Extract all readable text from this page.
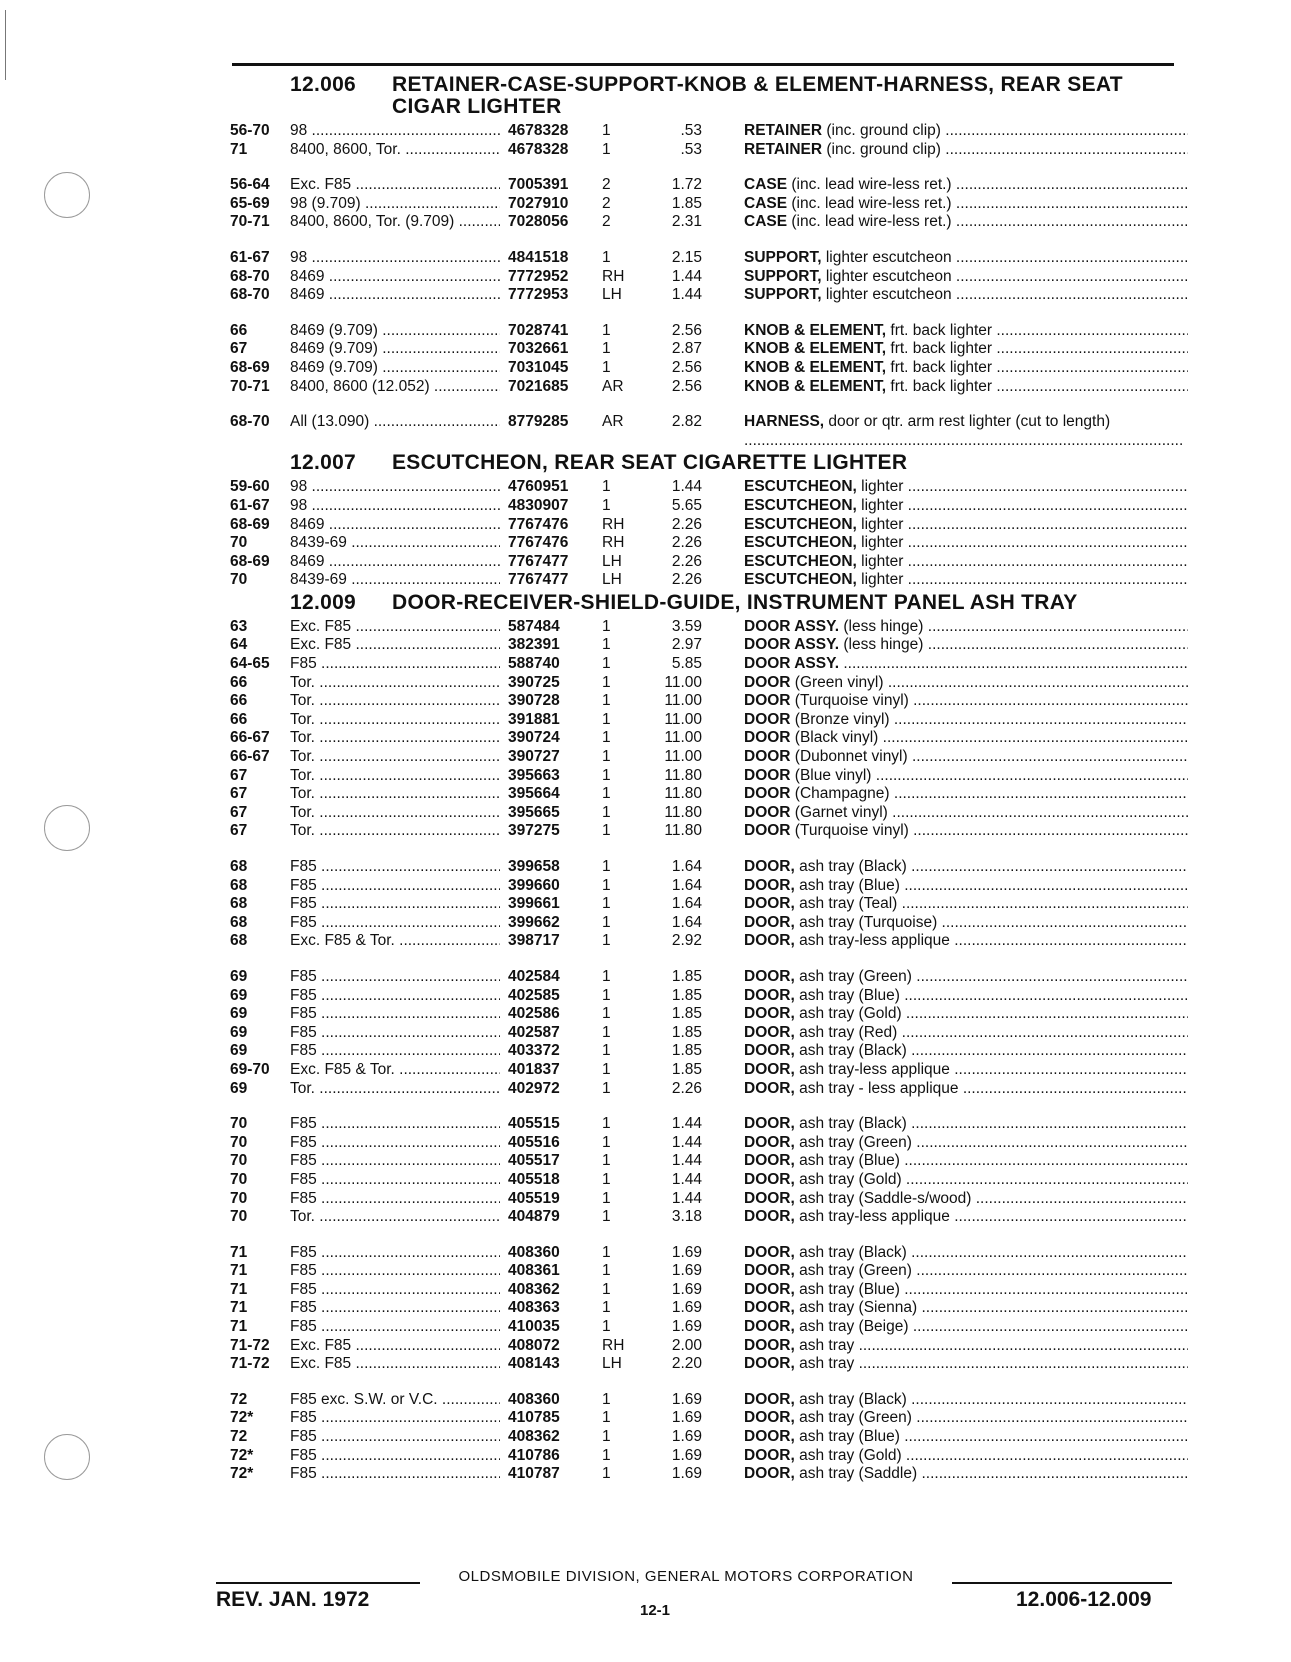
12.006	RETAINER-CASE-SUPPORT-KNOB & ELEMENT-HARNESS, REAR SEAT CIGAR LIGHTER
56-70	98 .....	4678328	1	.53	RETAINER (inc. ground clip) .....
71	8400, 8600, Tor. .....	4678328	1	.53	RETAINER (inc. ground clip) .....
56-64	Exc. F85 .....	7005391	2	1.72	CASE (inc. lead wire-less ret.) .....
65-69	98 (9.709) .....	7027910	2	1.85	CASE (inc. lead wire-less ret.) .....
70-71	8400, 8600, Tor. (9.709) .....	7028056	2	2.31	CASE (inc. lead wire-less ret.) .....
61-67	98 .....	4841518	1	2.15	SUPPORT, lighter escutcheon .....
68-70	8469 .....	7772952	RH	1.44	SUPPORT, lighter escutcheon .....
68-70	8469 .....	7772953	LH	1.44	SUPPORT, lighter escutcheon .....
66	8469 (9.709) .....	7028741	1	2.56	KNOB & ELEMENT, frt. back lighter .....
67	8469 (9.709) .....	7032661	1	2.87	KNOB & ELEMENT, frt. back lighter .....
68-69	8469 (9.709) .....	7031045	1	2.56	KNOB & ELEMENT, frt. back lighter .....
70-71	8400, 8600 (12.052) .....	7021685	AR	2.56	KNOB & ELEMENT, frt. back lighter .....
68-70	All (13.090) .....	8779285	AR	2.82	HARNESS, door or qtr. arm rest lighter (cut to length) .....
12.007	ESCUTCHEON, REAR SEAT CIGARETTE LIGHTER
59-60	98 .....	4760951	1	1.44	ESCUTCHEON, lighter .....
61-67	98 .....	4830907	1	5.65	ESCUTCHEON, lighter .....
68-69	8469 .....	7767476	RH	2.26	ESCUTCHEON, lighter .....
70	8439-69 .....	7767476	RH	2.26	ESCUTCHEON, lighter .....
68-69	8469 .....	7767477	LH	2.26	ESCUTCHEON, lighter .....
70	8439-69 .....	7767477	LH	2.26	ESCUTCHEON, lighter .....
12.009	DOOR-RECEIVER-SHIELD-GUIDE, INSTRUMENT PANEL ASH TRAY
63	Exc. F85 .....	587484	1	3.59	DOOR ASSY. (less hinge) .....
64	Exc. F85 .....	382391	1	2.97	DOOR ASSY. (less hinge) .....
64-65	F85 .....	588740	1	5.85	DOOR ASSY. .....
66	Tor. .....	390725	1	11.00	DOOR (Green vinyl) .....
66	Tor. .....	390728	1	11.00	DOOR (Turquoise vinyl) .....
66	Tor. .....	391881	1	11.00	DOOR (Bronze vinyl) .....
66-67	Tor. .....	390724	1	11.00	DOOR (Black vinyl) .....
66-67	Tor. .....	390727	1	11.00	DOOR (Dubonnet vinyl) .....
67	Tor. .....	395663	1	11.80	DOOR (Blue vinyl) .....
67	Tor. .....	395664	1	11.80	DOOR (Champagne) .....
67	Tor. .....	395665	1	11.80	DOOR (Garnet vinyl) .....
67	Tor. .....	397275	1	11.80	DOOR (Turquoise vinyl) .....
68	F85 .....	399658	1	1.64	DOOR, ash tray (Black) .....
68	F85 .....	399660	1	1.64	DOOR, ash tray (Blue) .....
68	F85 .....	399661	1	1.64	DOOR, ash tray (Teal) .....
68	F85 .....	399662	1	1.64	DOOR, ash tray (Turquoise) .....
68	Exc. F85 & Tor. .....	398717	1	2.92	DOOR, ash tray-less applique .....
69	F85 .....	402584	1	1.85	DOOR, ash tray (Green) .....
69	F85 .....	402585	1	1.85	DOOR, ash tray (Blue) .....
69	F85 .....	402586	1	1.85	DOOR, ash tray (Gold) .....
69	F85 .....	402587	1	1.85	DOOR, ash tray (Red) .....
69	F85 .....	403372	1	1.85	DOOR, ash tray (Black) .....
69-70	Exc. F85 & Tor. .....	401837	1	1.85	DOOR, ash tray-less applique .....
69	Tor. .....	402972	1	2.26	DOOR, ash tray - less applique .....
70	F85 .....	405515	1	1.44	DOOR, ash tray (Black) .....
70	F85 .....	405516	1	1.44	DOOR, ash tray (Green) .....
70	F85 .....	405517	1	1.44	DOOR, ash tray (Blue) .....
70	F85 .....	405518	1	1.44	DOOR, ash tray (Gold) .....
70	F85 .....	405519	1	1.44	DOOR, ash tray (Saddle-s/wood) .....
70	Tor. .....	404879	1	3.18	DOOR, ash tray-less applique .....
71	F85 .....	408360	1	1.69	DOOR, ash tray (Black) .....
71	F85 .....	408361	1	1.69	DOOR, ash tray (Green) .....
71	F85 .....	408362	1	1.69	DOOR, ash tray (Blue) .....
71	F85 .....	408363	1	1.69	DOOR, ash tray (Sienna) .....
71	F85 .....	410035	1	1.69	DOOR, ash tray (Beige) .....
71-72	Exc. F85 .....	408072	RH	2.00	DOOR, ash tray .....
71-72	Exc. F85 .....	408143	LH	2.20	DOOR, ash tray .....
72	F85 exc. S.W. or V.C. .....	408360	1	1.69	DOOR, ash tray (Black) .....
72*	F85 .....	410785	1	1.69	DOOR, ash tray (Green) .....
72	F85 .....	408362	1	1.69	DOOR, ash tray (Blue) .....
72*	F85 .....	410786	1	1.69	DOOR, ash tray (Gold) .....
72*	F85 .....	410787	1	1.69	DOOR, ash tray (Saddle) .....
OLDSMOBILE DIVISION, GENERAL MOTORS CORPORATION
REV. JAN. 1972	12-1	12.006-12.009
